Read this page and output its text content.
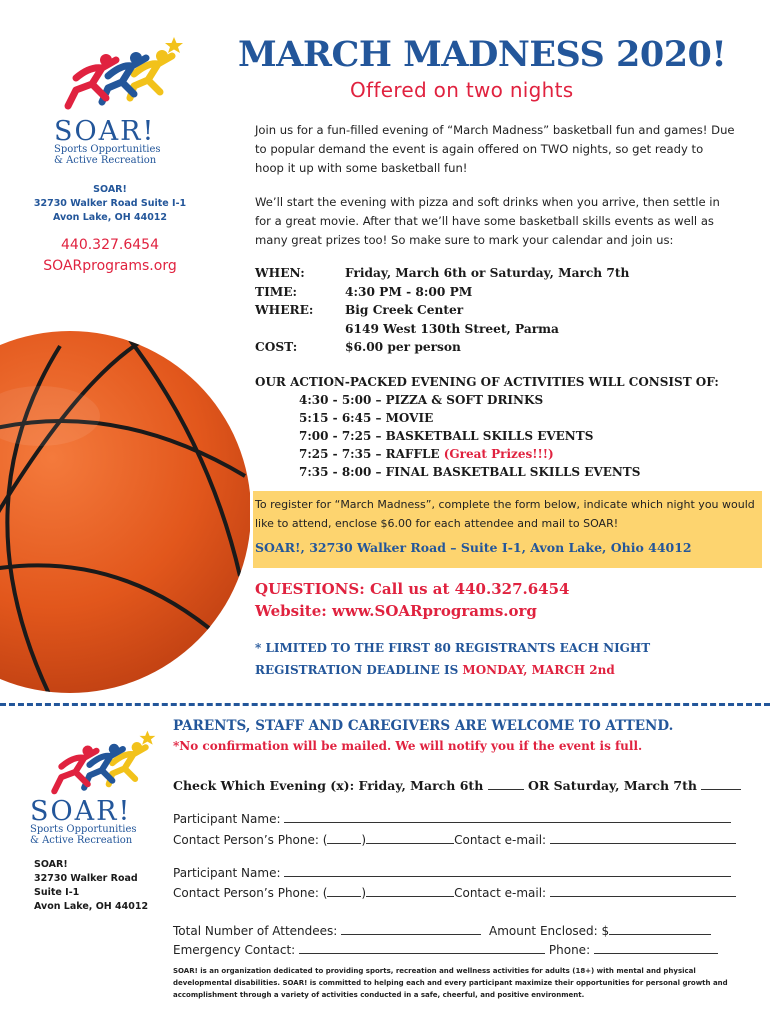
SOAR!
Sports Opportunities
& Active Recreation
SOAR!
32730 Walker Road Suite I-1
Avon Lake, OH 44012
440.327.6454
SOARprograms.org
MARCH MADNESS 2020!
Offered on two nights
Join us for a fun-filled evening of “March Madness” basketball fun and games! Due to popular demand the event is again offered on TWO nights, so get ready to hoop it up with some basketball fun!
We’ll start the evening with pizza and soft drinks when you arrive, then settle in for a great movie. After that we’ll have some basketball skills events as well as many great prizes too! So make sure to mark your calendar and join us:
WHEN:	Friday, March 6th or Saturday, March 7th
TIME:	4:30 PM - 8:00 PM
WHERE:	Big Creek Center
6149 West 130th Street, Parma
COST:	$6.00 per person
OUR ACTION-PACKED EVENING OF ACTIVITIES WILL CONSIST OF:
4:30 - 5:00 – PIZZA & SOFT DRINKS
5:15 - 6:45 – MOVIE
7:00 - 7:25 – BASKETBALL SKILLS EVENTS
7:25 - 7:35 – RAFFLE (Great Prizes!!!)
7:35 - 8:00 – FINAL BASKETBALL SKILLS EVENTS
To register for “March Madness”, complete the form below, indicate which night you would like to attend, enclose $6.00 for each attendee and mail to SOAR!
SOAR!, 32730 Walker Road – Suite I-1, Avon Lake, Ohio 44012
QUESTIONS: Call us at 440.327.6454
Website: www.SOARprograms.org
* LIMITED TO THE FIRST 80 REGISTRANTS EACH NIGHT
REGISTRATION DEADLINE IS MONDAY, MARCH 2nd
SOAR!
Sports Opportunities
& Active Recreation
SOAR!
32730 Walker Road
Suite I-1
Avon Lake, OH 44012
PARENTS, STAFF AND CAREGIVERS ARE WELCOME TO ATTEND.
*No confirmation will be mailed. We will notify you if the event is full.
Check Which Evening (x): Friday, March 6th	OR Saturday, March 7th
Participant Name:
Contact Person’s Phone: (	)	Contact e-mail:
Participant Name:
Contact Person’s Phone: (	)	Contact e-mail:
Total Number of Attendees:	Amount Enclosed: $
Emergency Contact:	Phone:
SOAR! is an organization dedicated to providing sports, recreation and wellness activities for adults (18+) with mental and physical developmental disabilities. SOAR! is committed to helping each and every participant maximize their opportunities for personal growth and accomplishment through a variety of activities conducted in a safe, cheerful, and positive environment.
